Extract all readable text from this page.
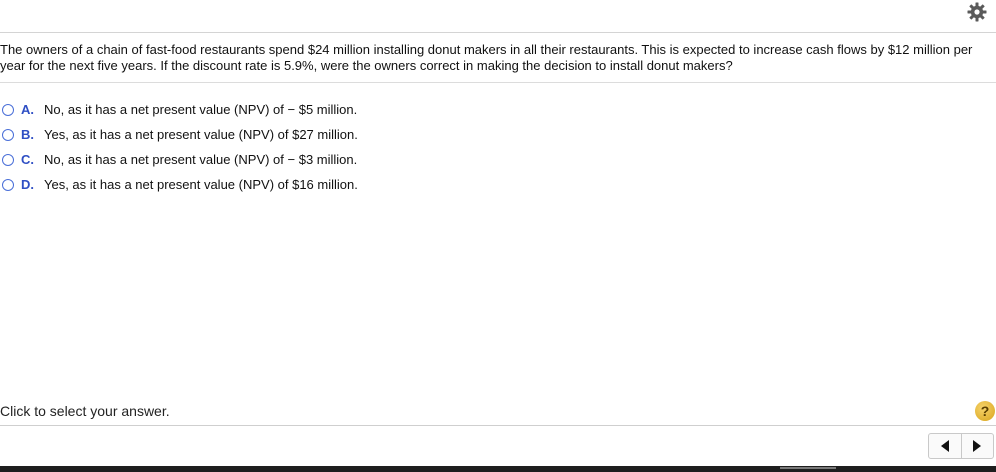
The owners of a chain of fast-food restaurants spend $24 million installing donut makers in all their restaurants. This is expected to increase cash flows by $12 million per year for the next five years. If the discount rate is 5.9%, were the owners correct in making the decision to install donut makers?
A. No, as it has a net present value (NPV) of − $5 million.
B. Yes, as it has a net present value (NPV) of $27 million.
C. No, as it has a net present value (NPV) of − $3 million.
D. Yes, as it has a net present value (NPV) of $16 million.
Click to select your answer.	?
